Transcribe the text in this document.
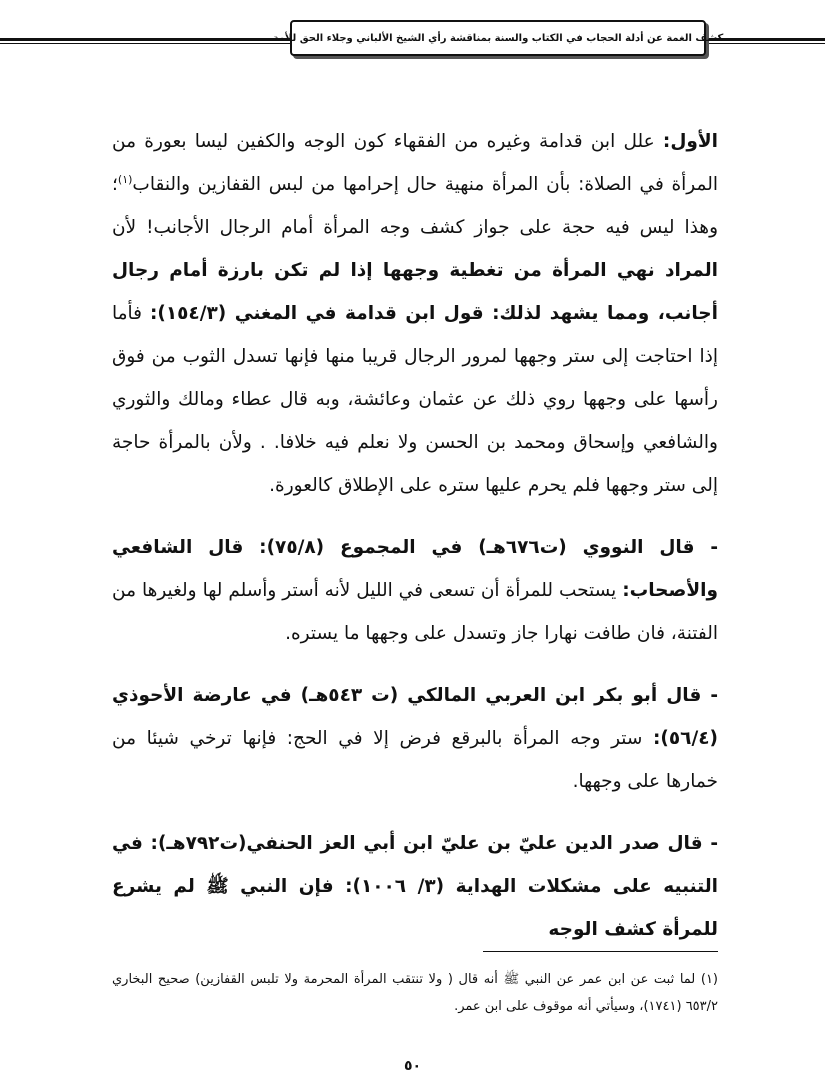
كشف الغمة عن أدلة الحجاب في الكتاب والسنة بمناقشة رأي الشيخ الألباني وجلاء الحق للأمة

الأول: علل ابن قدامة وغيره من الفقهاء كون الوجه والكفين ليسا بعورة من المرأة في الصلاة: بأن المرأة منهية حال إحرامها من لبس القفازين والنقاب$^{(١)}$؛ وهذا ليس فيه حجة على جواز كشف وجه المرأة أمام الرجال الأجانب! لأن المراد نهي المرأة من تغطية وجهها إذا لم تكن بارزة أمام رجال أجانب، ومما يشهد لذلك: قول ابن قدامة في المغني (١٥٤/٣): فأما إذا احتاجت إلى ستر وجهها لمرور الرجال قريبا منها فإنها تسدل الثوب من فوق رأسها على وجهها روي ذلك عن عثمان وعائشة، وبه قال عطاء ومالك والثوري والشافعي وإسحاق ومحمد بن الحسن ولا نعلم فيه خلافا. . ولأن بالمرأة حاجة إلى ستر وجهها فلم يحرم عليها ستره على الإطلاق كالعورة.

- قال النووي (ت٦٧٦هـ) في المجموع (٧٥/٨): قال الشافعي والأصحاب: يستحب للمرأة أن تسعى في الليل لأنه أستر وأسلم لها ولغيرها من الفتنة، فان طافت نهارا جاز وتسدل على وجهها ما يستره.

- قال أبو بكر ابن العربي المالكي (ت ٥٤٣هـ) في عارضة الأحوذي (٥٦/٤): ستر وجه المرأة بالبرقع فرض إلا في الحج: فإنها ترخي شيئا من خمارها على وجهها.

- قال صدر الدين عليّ بن عليّ ابن أبي العز الحنفي(ت٧٩٢هـ): في التنبيه على مشكلات الهداية (٣/ ١٠٠٦): فإن النبي ﷺ لم يشرع للمرأة كشف الوجه

(١) لما ثبت عن ابن عمر عن النبي ﷺ أنه قال ( ولا تنتقب المرأة المحرمة ولا تلبس القفازين) صحيح البخاري ٦٥٣/٢ (١٧٤١)، وسيأتي أنه موقوف على ابن عمر.
٥٠
